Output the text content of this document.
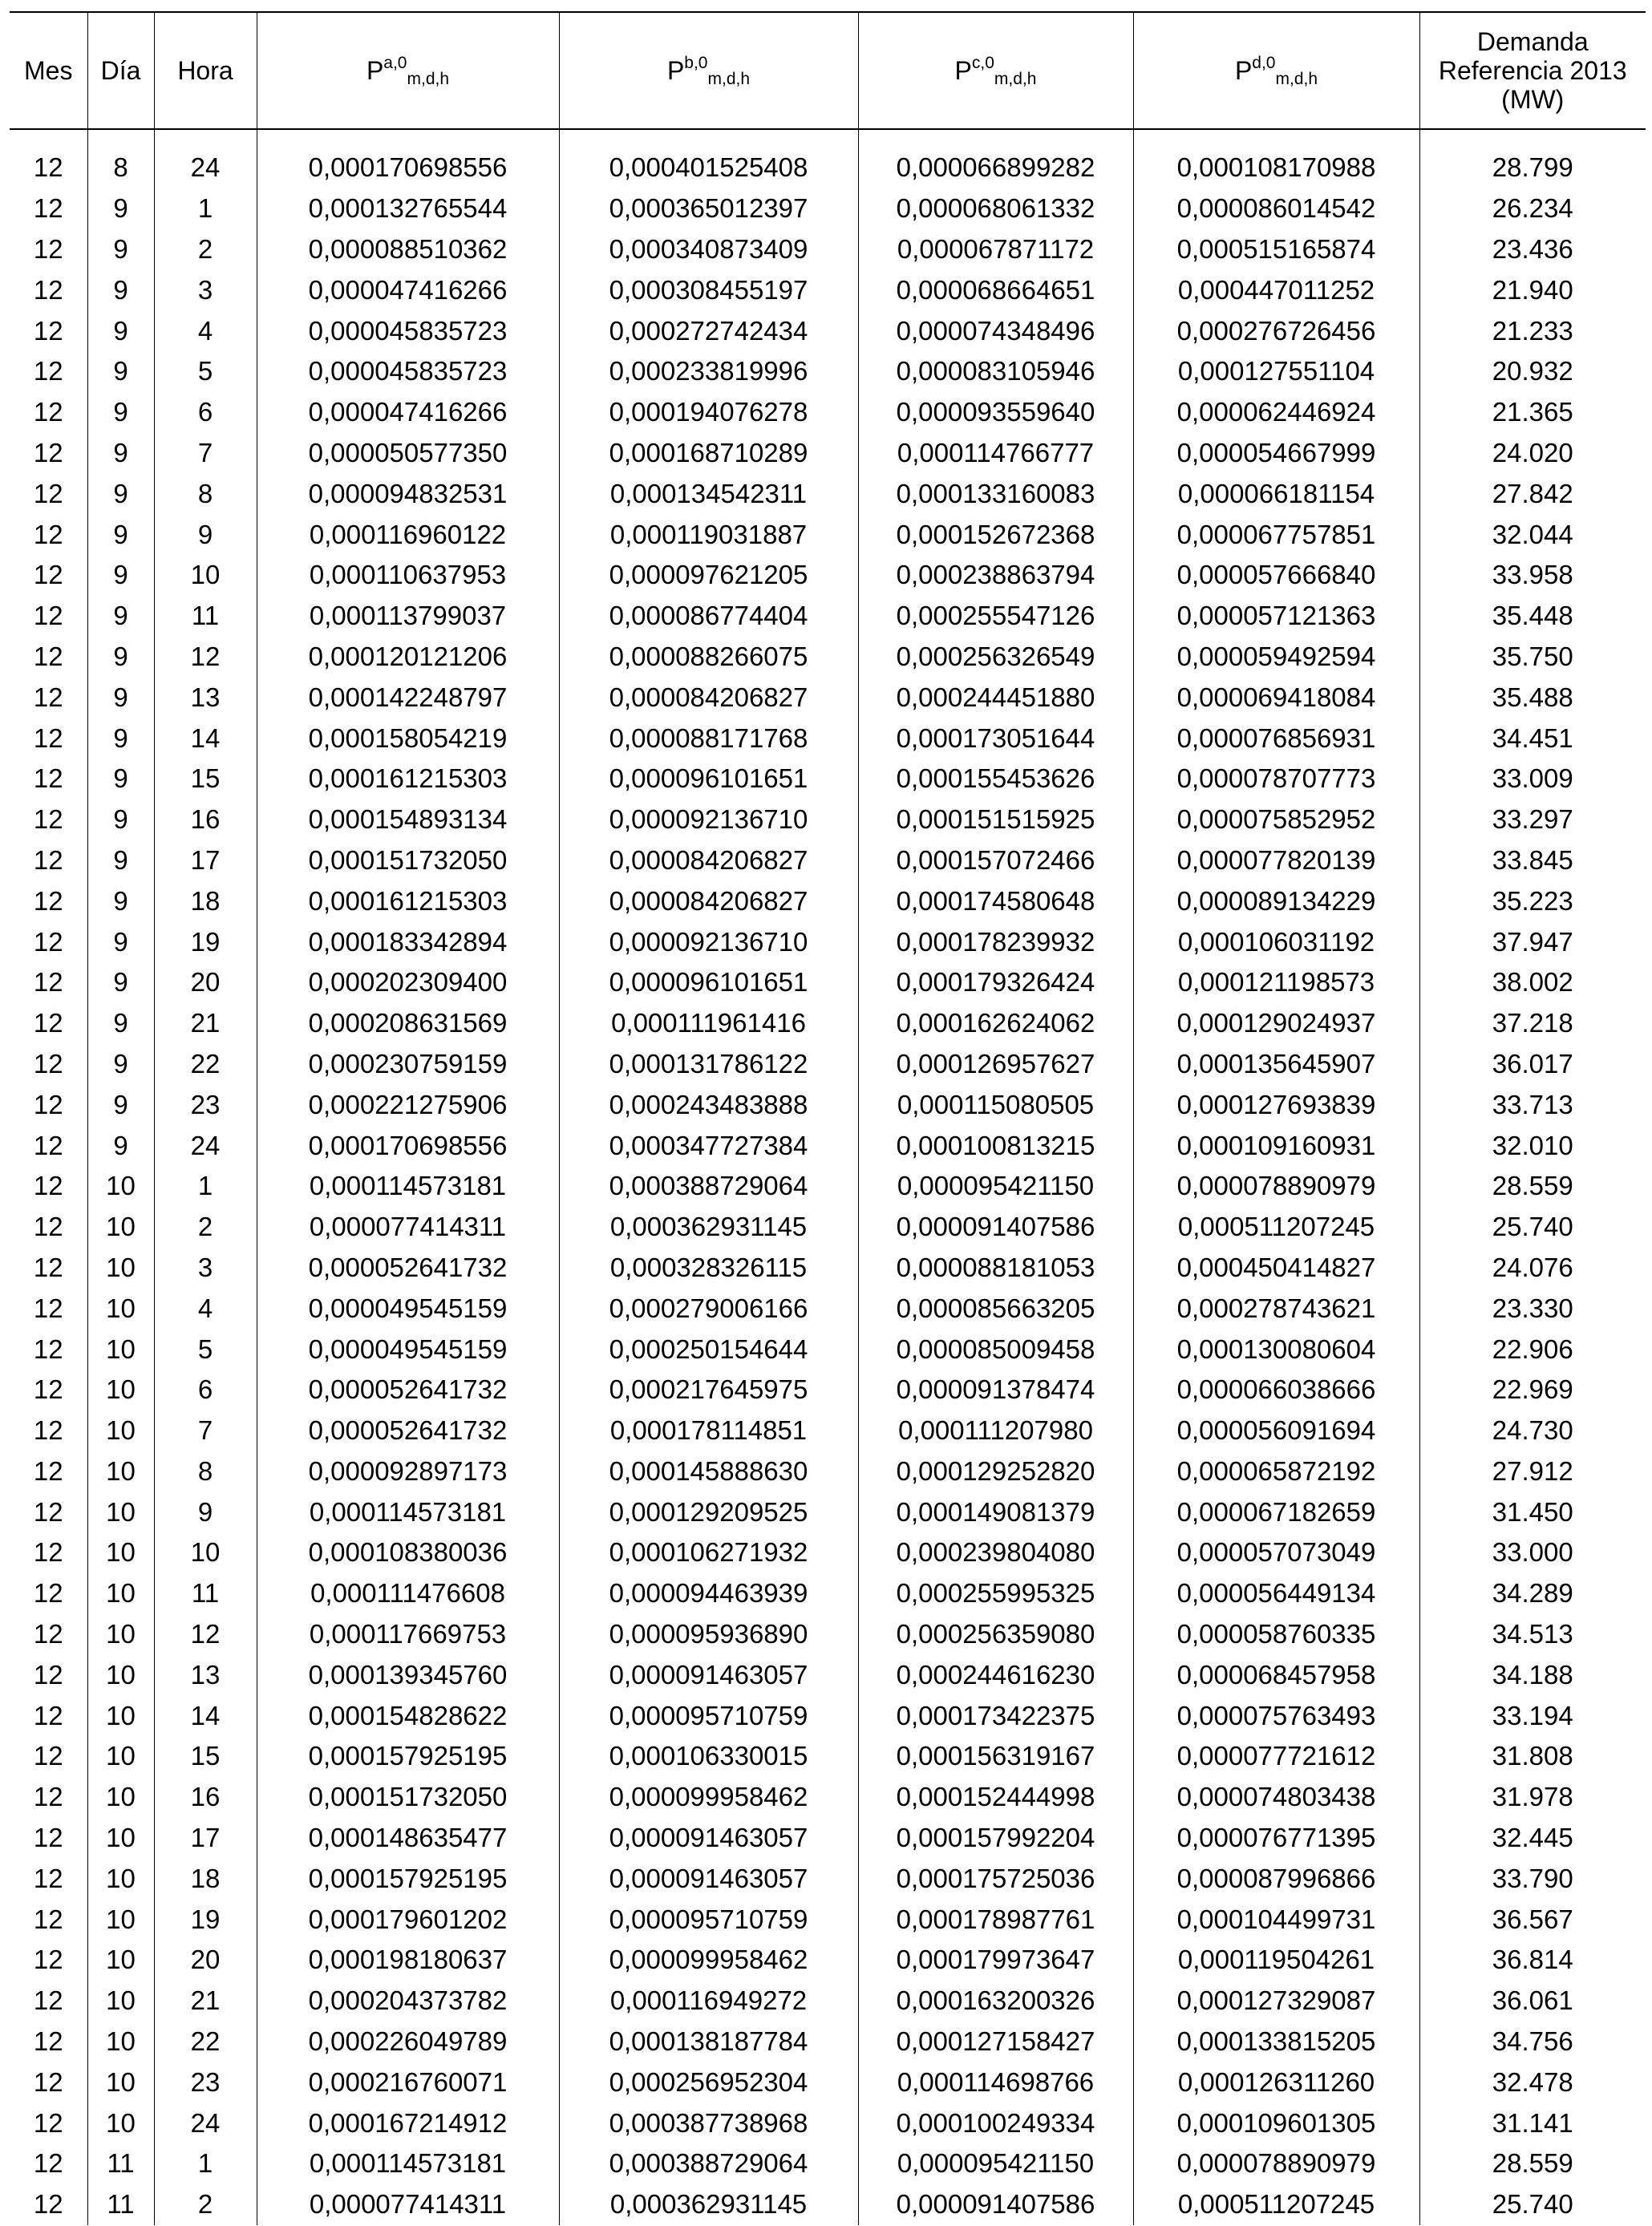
Mes	Día	Hora	P$^{a,0}_{m,d,h}$	P$^{b,0}_{m,d,h}$	P$^{c,0}_{m,d,h}$	P$^{d,0}_{m,d,h}$	Demanda
Referencia 2013
(MW)

12	8	24	0,000170698556	0,000401525408	0,000066899282	0,000108170988	28.799
12	9	1	0,000132765544	0,000365012397	0,000068061332	0,000086014542	26.234
12	9	2	0,000088510362	0,000340873409	0,000067871172	0,000515165874	23.436
12	9	3	0,000047416266	0,000308455197	0,000068664651	0,000447011252	21.940
12	9	4	0,000045835723	0,000272742434	0,000074348496	0,000276726456	21.233
12	9	5	0,000045835723	0,000233819996	0,000083105946	0,000127551104	20.932
12	9	6	0,000047416266	0,000194076278	0,000093559640	0,000062446924	21.365
12	9	7	0,000050577350	0,000168710289	0,000114766777	0,000054667999	24.020
12	9	8	0,000094832531	0,000134542311	0,000133160083	0,000066181154	27.842
12	9	9	0,000116960122	0,000119031887	0,000152672368	0,000067757851	32.044
12	9	10	0,000110637953	0,000097621205	0,000238863794	0,000057666840	33.958
12	9	11	0,000113799037	0,000086774404	0,000255547126	0,000057121363	35.448
12	9	12	0,000120121206	0,000088266075	0,000256326549	0,000059492594	35.750
12	9	13	0,000142248797	0,000084206827	0,000244451880	0,000069418084	35.488
12	9	14	0,000158054219	0,000088171768	0,000173051644	0,000076856931	34.451
12	9	15	0,000161215303	0,000096101651	0,000155453626	0,000078707773	33.009
12	9	16	0,000154893134	0,000092136710	0,000151515925	0,000075852952	33.297
12	9	17	0,000151732050	0,000084206827	0,000157072466	0,000077820139	33.845
12	9	18	0,000161215303	0,000084206827	0,000174580648	0,000089134229	35.223
12	9	19	0,000183342894	0,000092136710	0,000178239932	0,000106031192	37.947
12	9	20	0,000202309400	0,000096101651	0,000179326424	0,000121198573	38.002
12	9	21	0,000208631569	0,000111961416	0,000162624062	0,000129024937	37.218
12	9	22	0,000230759159	0,000131786122	0,000126957627	0,000135645907	36.017
12	9	23	0,000221275906	0,000243483888	0,000115080505	0,000127693839	33.713
12	9	24	0,000170698556	0,000347727384	0,000100813215	0,000109160931	32.010
12	10	1	0,000114573181	0,000388729064	0,000095421150	0,000078890979	28.559
12	10	2	0,000077414311	0,000362931145	0,000091407586	0,000511207245	25.740
12	10	3	0,000052641732	0,000328326115	0,000088181053	0,000450414827	24.076
12	10	4	0,000049545159	0,000279006166	0,000085663205	0,000278743621	23.330
12	10	5	0,000049545159	0,000250154644	0,000085009458	0,000130080604	22.906
12	10	6	0,000052641732	0,000217645975	0,000091378474	0,000066038666	22.969
12	10	7	0,000052641732	0,000178114851	0,000111207980	0,000056091694	24.730
12	10	8	0,000092897173	0,000145888630	0,000129252820	0,000065872192	27.912
12	10	9	0,000114573181	0,000129209525	0,000149081379	0,000067182659	31.450
12	10	10	0,000108380036	0,000106271932	0,000239804080	0,000057073049	33.000
12	10	11	0,000111476608	0,000094463939	0,000255995325	0,000056449134	34.289
12	10	12	0,000117669753	0,000095936890	0,000256359080	0,000058760335	34.513
12	10	13	0,000139345760	0,000091463057	0,000244616230	0,000068457958	34.188
12	10	14	0,000154828622	0,000095710759	0,000173422375	0,000075763493	33.194
12	10	15	0,000157925195	0,000106330015	0,000156319167	0,000077721612	31.808
12	10	16	0,000151732050	0,000099958462	0,000152444998	0,000074803438	31.978
12	10	17	0,000148635477	0,000091463057	0,000157992204	0,000076771395	32.445
12	10	18	0,000157925195	0,000091463057	0,000175725036	0,000087996866	33.790
12	10	19	0,000179601202	0,000095710759	0,000178987761	0,000104499731	36.567
12	10	20	0,000198180637	0,000099958462	0,000179973647	0,000119504261	36.814
12	10	21	0,000204373782	0,000116949272	0,000163200326	0,000127329087	36.061
12	10	22	0,000226049789	0,000138187784	0,000127158427	0,000133815205	34.756
12	10	23	0,000216760071	0,000256952304	0,000114698766	0,000126311260	32.478
12	10	24	0,000167214912	0,000387738968	0,000100249334	0,000109601305	31.141
12	11	1	0,000114573181	0,000388729064	0,000095421150	0,000078890979	28.559
12	11	2	0,000077414311	0,000362931145	0,000091407586	0,000511207245	25.740
